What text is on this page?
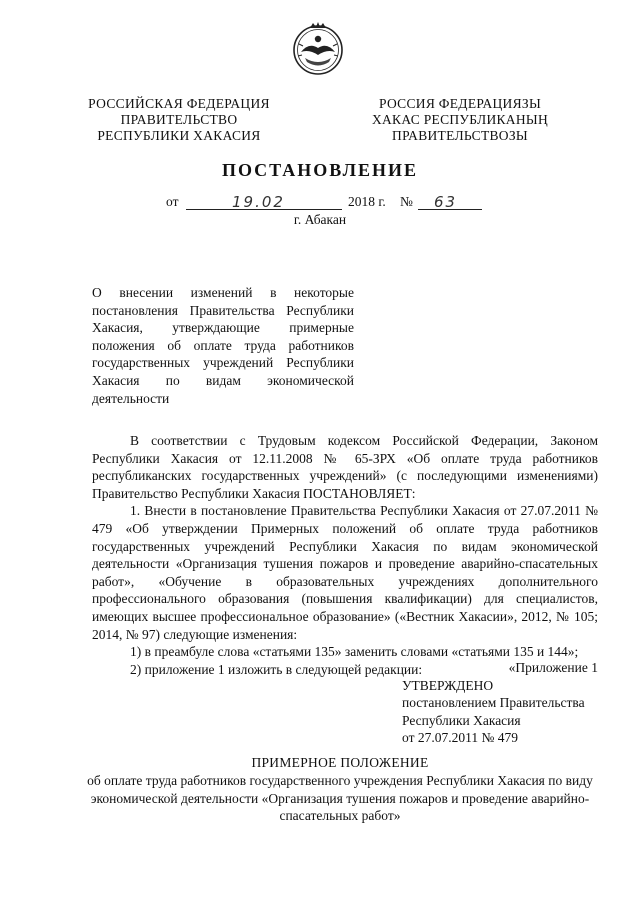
РОССИЙСКАЯ ФЕДЕРАЦИЯ
ПРАВИТЕЛЬСТВО
РЕСПУБЛИКИ ХАКАСИЯ
РОССИЯ ФЕДЕРАЦИЯЗЫ
ХАКАС РЕСПУБЛИКАНЫҢ
ПРАВИТЕЛЬСТВОЗЫ
ПОСТАНОВЛЕНИЕ
от	19.02	2018 г. № 63
г. Абакан
О внесении изменений в некоторые
постановления Правительства Республики
Хакасия, утверждающие примерные
положения об оплате труда работников
государственных учреждений Республики
Хакасия по видам экономической
деятельности

В соответствии с Трудовым кодексом Российской Федерации, Законом Республики Хакасия от 12.11.2008 № 65-ЗРХ «Об оплате труда работников республиканских государственных учреждений» (с последующими изменениями) Правительство Республики Хакасия ПОСТАНОВЛЯЕТ:

1. Внести в постановление Правительства Республики Хакасия от 27.07.2011 № 479 «Об утверждении Примерных положений об оплате труда работников государственных учреждений Республики Хакасия по видам экономической деятельности «Организация тушения пожаров и проведение аварийно-спасательных работ», «Обучение в образовательных учреждениях дополнительного профессионального образования (повышения квалификации) для специалистов, имеющих высшее профессиональное образование» («Вестник Хакасии», 2012, № 105; 2014, № 97) следующие изменения:

1) в преамбуле слова «статьями 135» заменить словами «статьями 135 и 144»;

2) приложение 1 изложить в следующей редакции:	«Приложение 1
УТВЕРЖДЕНО
постановлением Правительства
Республики Хакасия
от 27.07.2011 № 479
ПРИМЕРНОЕ ПОЛОЖЕНИЕ
об оплате труда работников государственного учреждения Республики Хакасия по виду экономической деятельности «Организация тушения пожаров и проведение аварийно-спасательных работ»
